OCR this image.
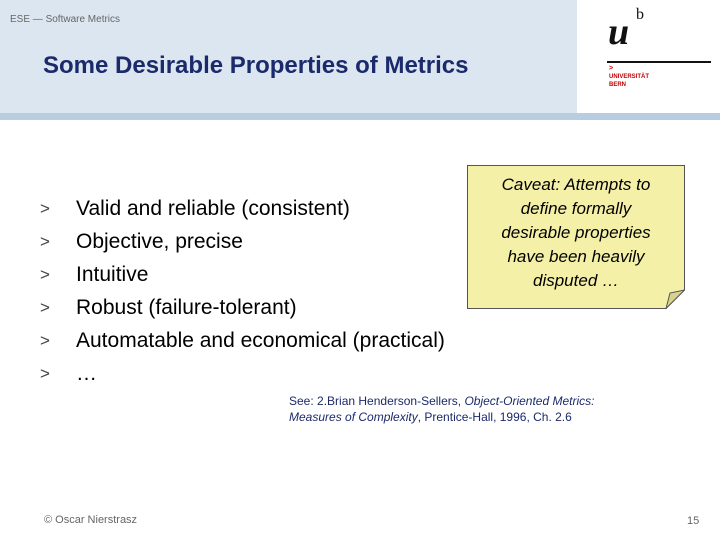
ESE — Software Metrics
Some Desirable Properties of Metrics
u b
>
UNIVERSITÄT
BERN
>	Valid and reliable (consistent)
>	Objective, precise
>	Intuitive
>	Robust (failure-tolerant)
>	Automatable and economical (practical)
>	…
Caveat: Attempts to
define formally
desirable properties
have been heavily
disputed …
See: 2.Brian Henderson-Sellers, Object-Oriented Metrics:
Measures of Complexity, Prentice-Hall, 1996, Ch. 2.6
© Oscar Nierstrasz	15
